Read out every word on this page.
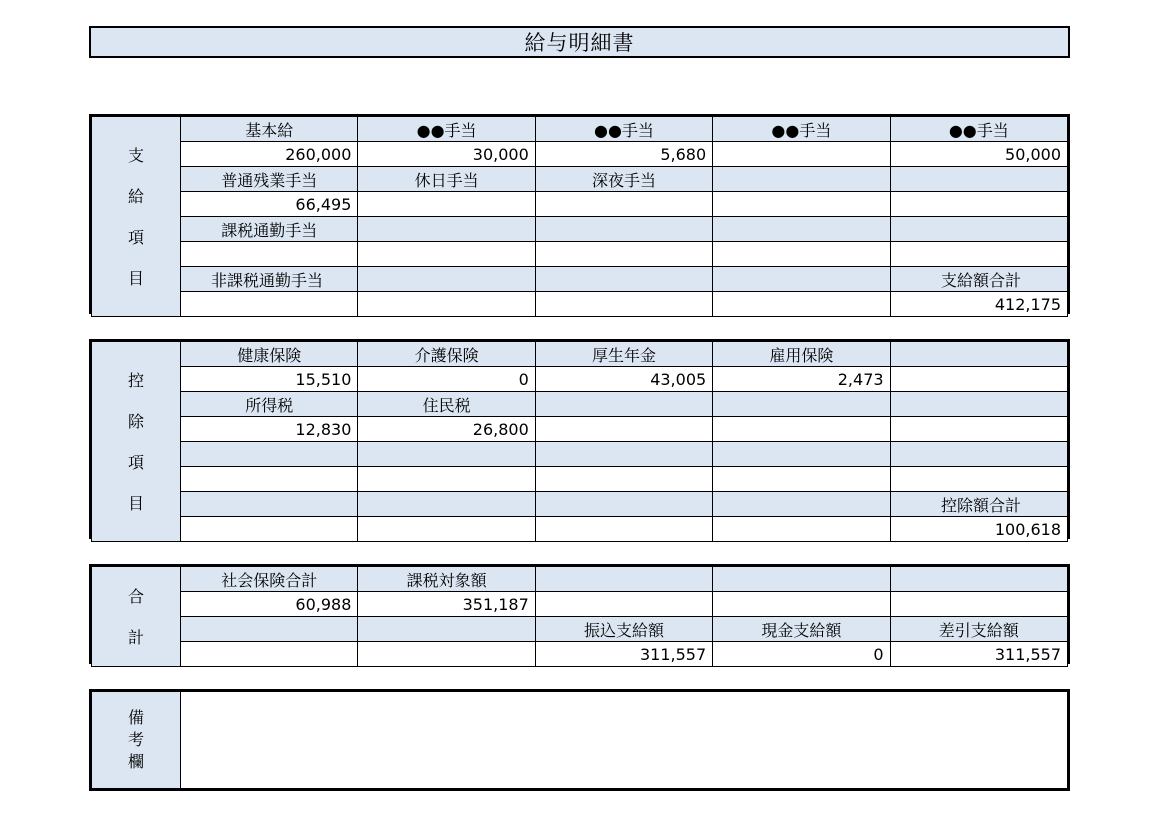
給与明細書
支
給
項
目	基本給	●●手当	●●手当	●●手当	●●手当
	260,000	30,000	5,680		50,000
	普通残業手当	休日手当	深夜手当		
	66,495				
	課税通勤手当				

	非課税通勤手当				支給額合計
					412,175
控
除
項
目	健康保険	介護保険	厚生年金	雇用保険	
	15,510	0	43,005	2,473	
	所得税	住民税			
	12,830	26,800			

					控除額合計
					100,618
合
計	社会保険合計	課税対象額			
	60,988	351,187			
			振込支給額	現金支給額	差引支給額
			311,557	0	311,557
備
考
欄
